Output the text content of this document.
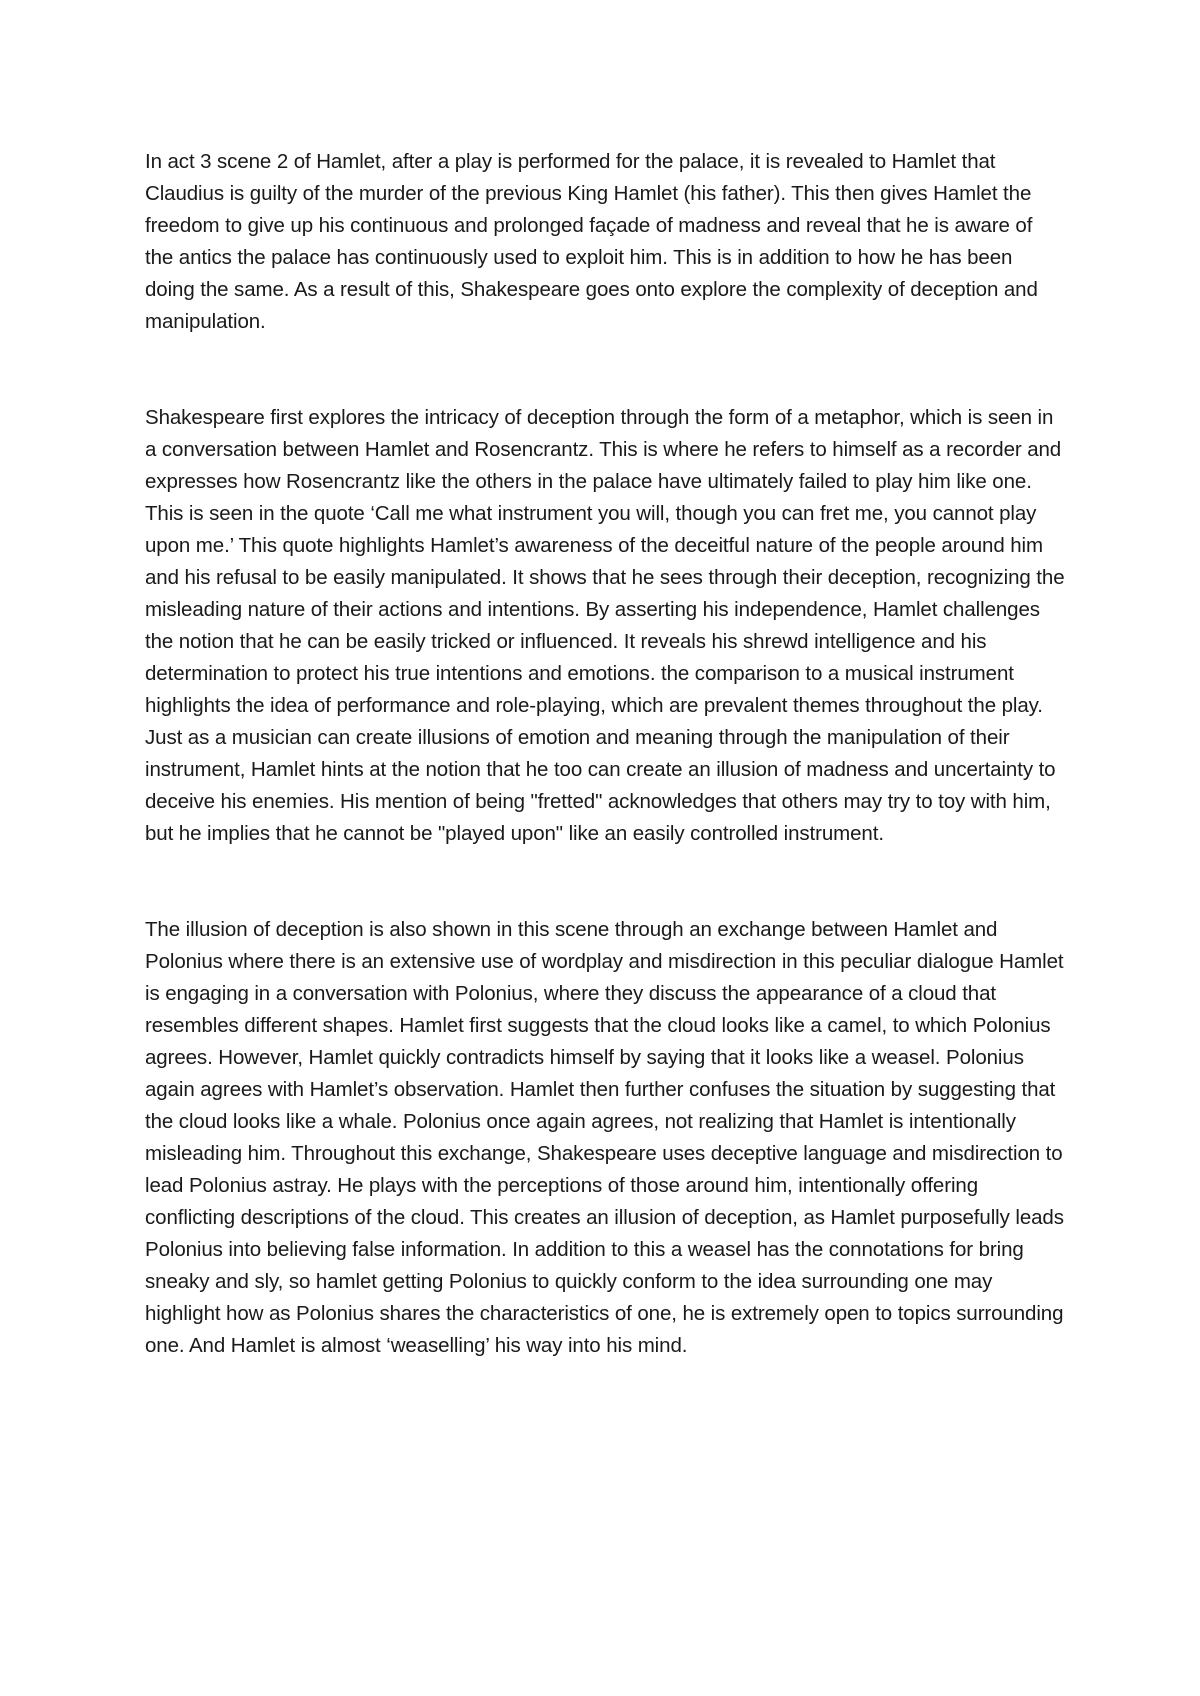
In act 3 scene 2 of Hamlet, after a play is performed for the palace, it is revealed to Hamlet that Claudius is guilty of the murder of the previous King Hamlet (his father). This then gives Hamlet the freedom to give up his continuous and prolonged façade of madness and reveal that he is aware of the antics the palace has continuously used to exploit him. This is in addition to how he has been doing the same. As a result of this, Shakespeare goes onto explore the complexity of deception and manipulation.

Shakespeare first explores the intricacy of deception through the form of a metaphor, which is seen in a conversation between Hamlet and Rosencrantz. This is where he refers to himself as a recorder and expresses how Rosencrantz like the others in the palace have ultimately failed to play him like one. This is seen in the quote ‘Call me what instrument you will, though you can fret me, you cannot play upon me.’ This quote highlights Hamlet’s awareness of the deceitful nature of the people around him and his refusal to be easily manipulated. It shows that he sees through their deception, recognizing the misleading nature of their actions and intentions. By asserting his independence, Hamlet challenges the notion that he can be easily tricked or influenced. It reveals his shrewd intelligence and his determination to protect his true intentions and emotions. the comparison to a musical instrument highlights the idea of performance and role-playing, which are prevalent themes throughout the play. Just as a musician can create illusions of emotion and meaning through the manipulation of their instrument, Hamlet hints at the notion that he too can create an illusion of madness and uncertainty to deceive his enemies. His mention of being "fretted" acknowledges that others may try to toy with him, but he implies that he cannot be "played upon" like an easily controlled instrument.

The illusion of deception is also shown in this scene through an exchange between Hamlet and Polonius where there is an extensive use of wordplay and misdirection in this peculiar dialogue Hamlet is engaging in a conversation with Polonius, where they discuss the appearance of a cloud that resembles different shapes. Hamlet first suggests that the cloud looks like a camel, to which Polonius agrees. However, Hamlet quickly contradicts himself by saying that it looks like a weasel. Polonius again agrees with Hamlet’s observation. Hamlet then further confuses the situation by suggesting that the cloud looks like a whale. Polonius once again agrees, not realizing that Hamlet is intentionally misleading him. Throughout this exchange, Shakespeare uses deceptive language and misdirection to lead Polonius astray. He plays with the perceptions of those around him, intentionally offering conflicting descriptions of the cloud. This creates an illusion of deception, as Hamlet purposefully leads Polonius into believing false information. In addition to this a weasel has the connotations for bring sneaky and sly, so hamlet getting Polonius to quickly conform to the idea surrounding one may highlight how as Polonius shares the characteristics of one, he is extremely open to topics surrounding one. And Hamlet is almost ‘weaselling’ his way into his mind.
